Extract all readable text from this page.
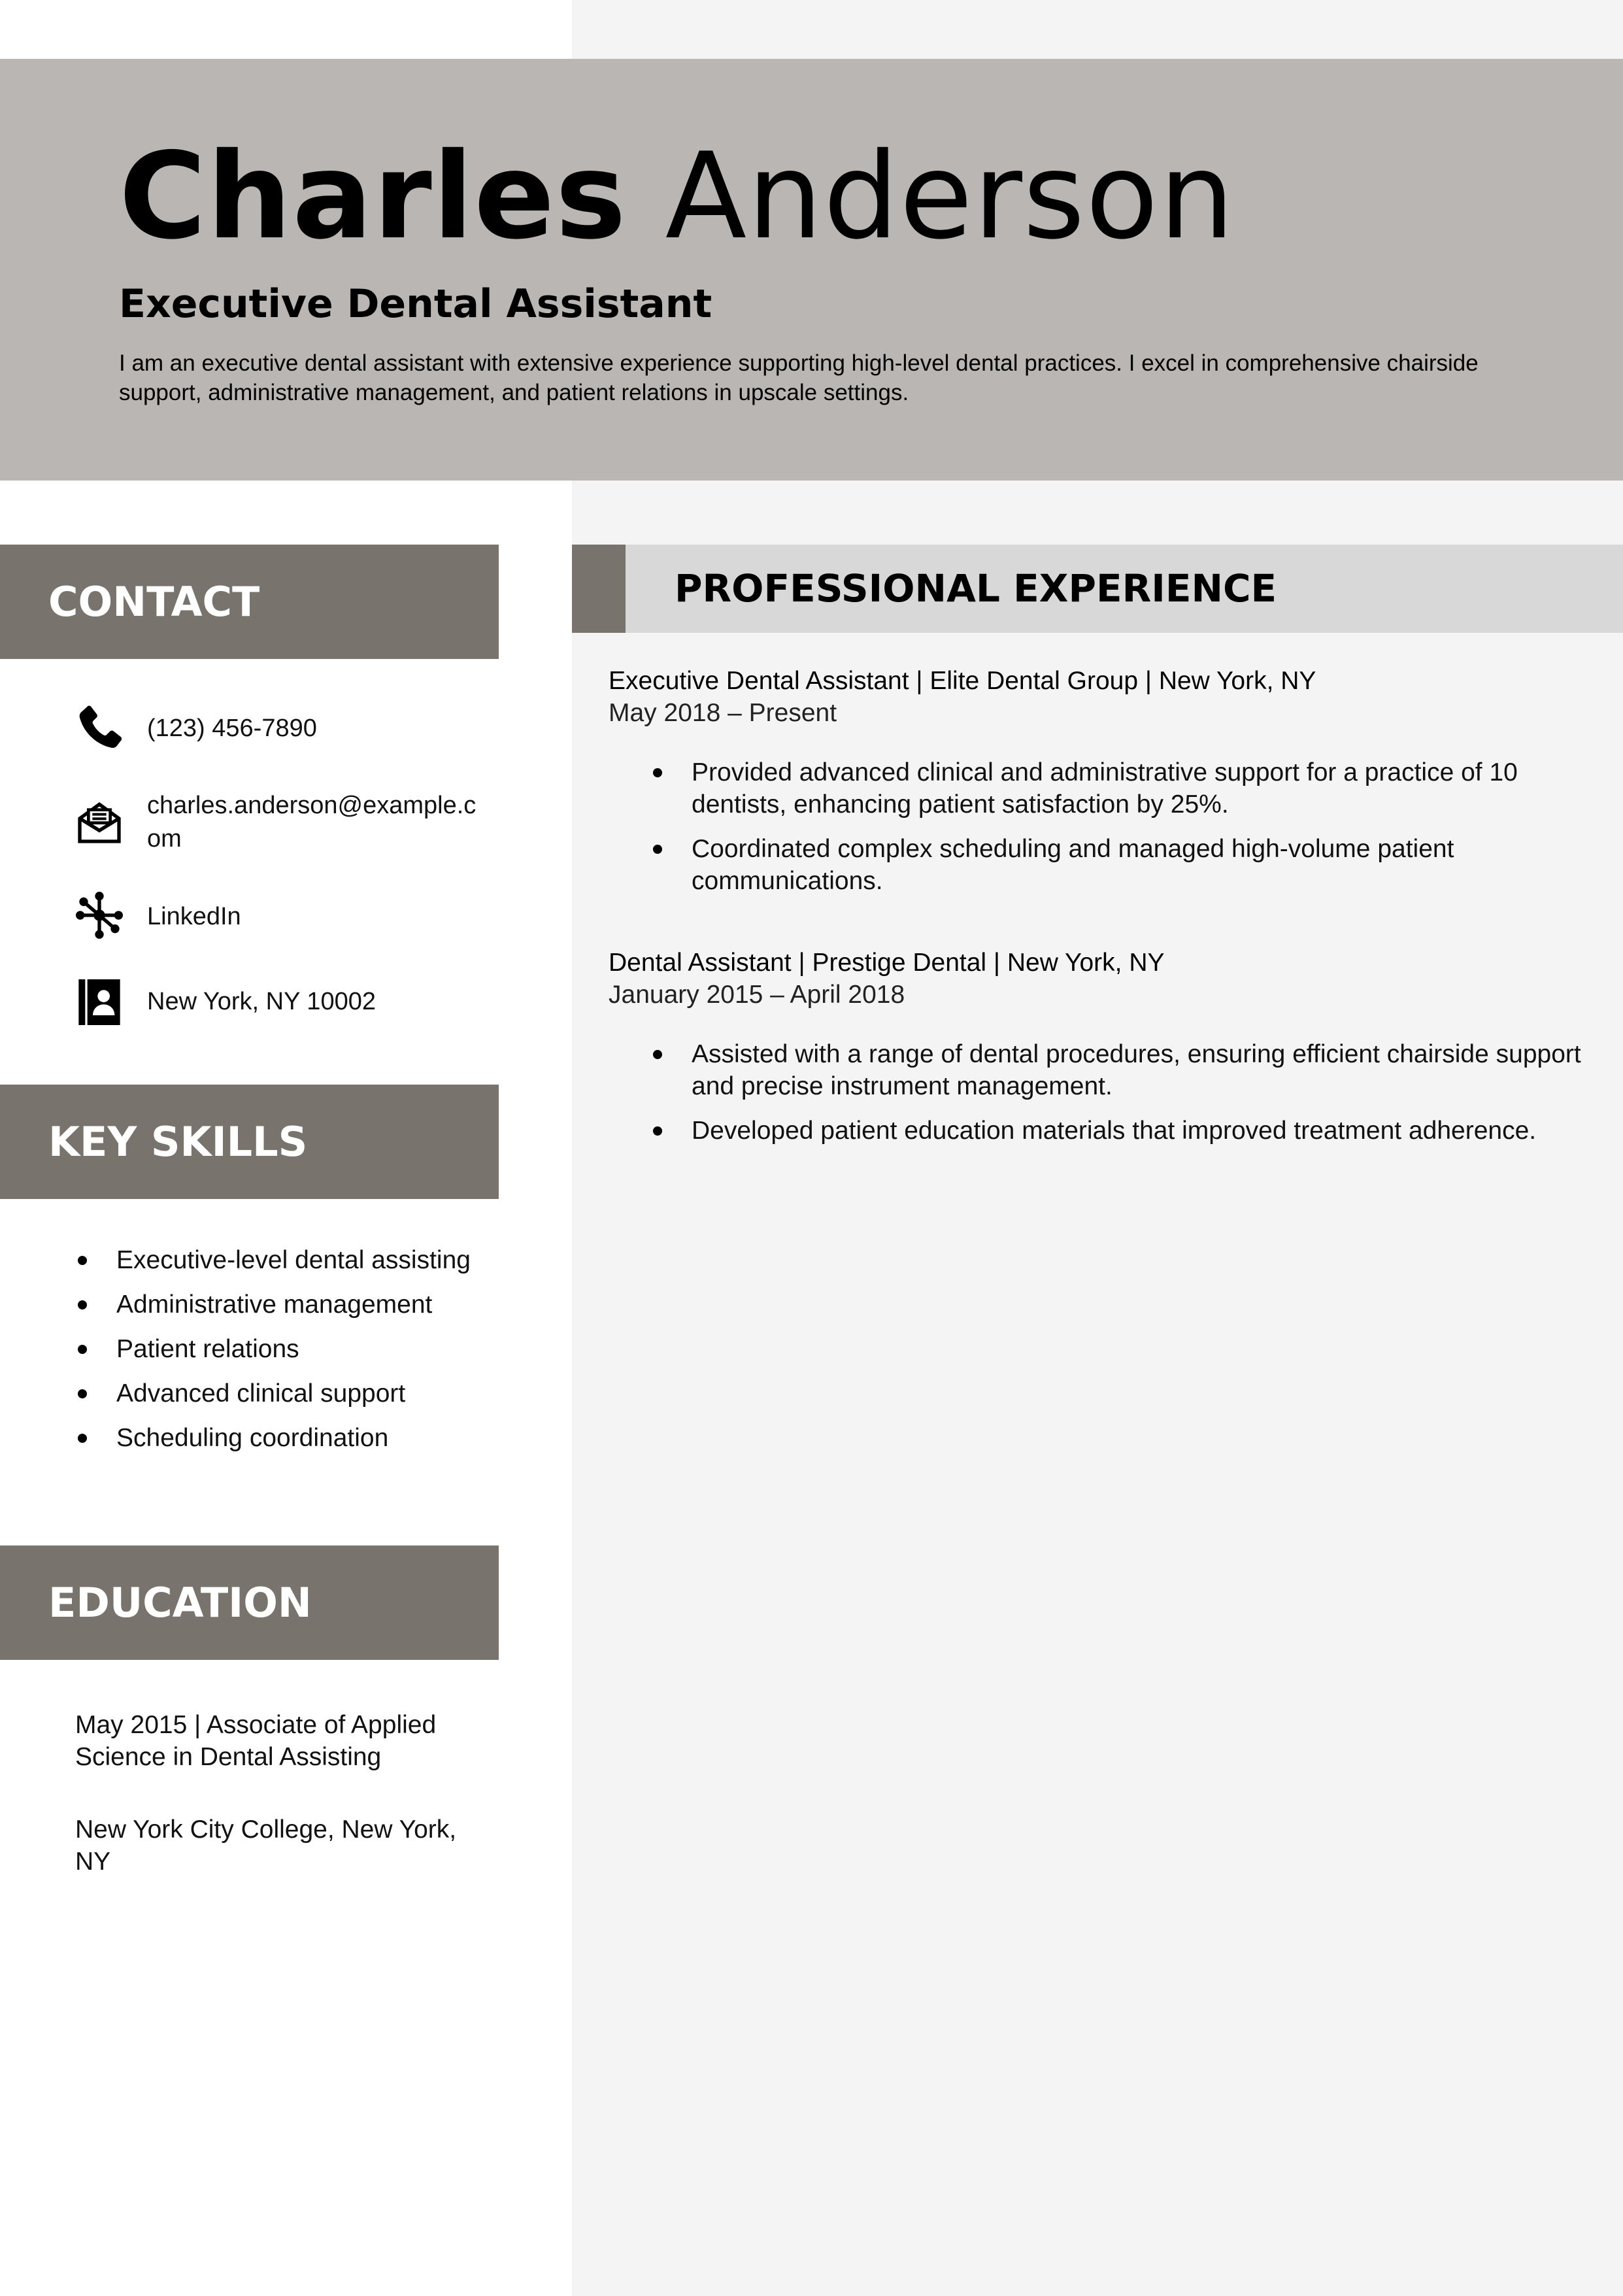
Charles Anderson
Executive Dental Assistant
I am an executive dental assistant with extensive experience supporting high-level dental practices. I excel in comprehensive chairside support, administrative management, and patient relations in upscale settings.
CONTACT
(123) 456-7890
charles.anderson@example.com
LinkedIn
New York, NY 10002
KEY SKILLS
Executive-level dental assisting
Administrative management
Patient relations
Advanced clinical support
Scheduling coordination
EDUCATION
May 2015 | Associate of Applied Science in Dental Assisting
New York City College, New York, NY
PROFESSIONAL EXPERIENCE
Executive Dental Assistant | Elite Dental Group | New York, NY
May 2018 – Present
Provided advanced clinical and administrative support for a practice of 10 dentists, enhancing patient satisfaction by 25%.
Coordinated complex scheduling and managed high-volume patient communications.
Dental Assistant | Prestige Dental | New York, NY
January 2015 – April 2018
Assisted with a range of dental procedures, ensuring efficient chairside support and precise instrument management.
Developed patient education materials that improved treatment adherence.
